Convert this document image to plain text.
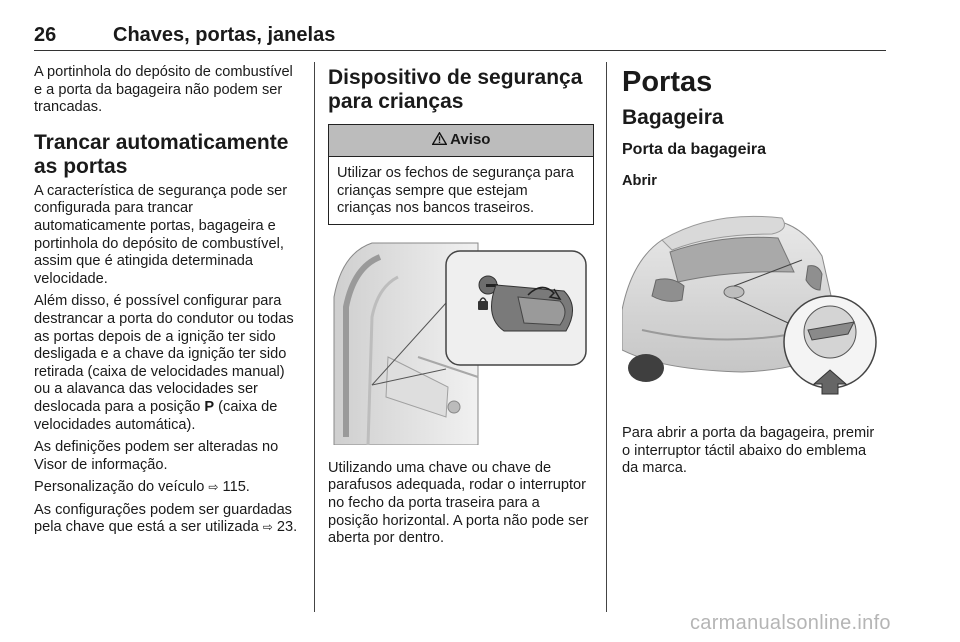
26	Chaves, portas, janelas

A portinhola do depósito de combustível e a porta da bagageira não podem ser trancadas.

Trancar automaticamente as portas

A característica de segurança pode ser configurada para trancar automaticamente portas, bagageira e portinhola do depósito de combustível, assim que é atingida determinada velocidade.

Além disso, é possível configurar para destrancar a porta do condutor ou todas as portas depois de a ignição ter sido desligada e a chave da ignição ter sido retirada (caixa de velocidades manual) ou a alavanca das velocidades ser deslocada para a posição P (caixa de velocidades automática).

As definições podem ser alteradas no Visor de informação.

Personalização do veículo ⇨ 115.

As configurações podem ser guardadas pela chave que está a ser utilizada ⇨ 23.

Dispositivo de segurança para crianças
Aviso

Utilizar os fechos de segurança para crianças sempre que estejam crianças nos bancos traseiros.

Utilizando uma chave ou chave de parafusos adequada, rodar o interruptor no fecho da porta traseira para a posição horizontal. A porta não pode ser aberta por dentro.

Portas
Bagageira
Porta da bagageira
Abrir

Para abrir a porta da bagageira, premir o interruptor táctil abaixo do emblema da marca.

carmanualsonline.info
